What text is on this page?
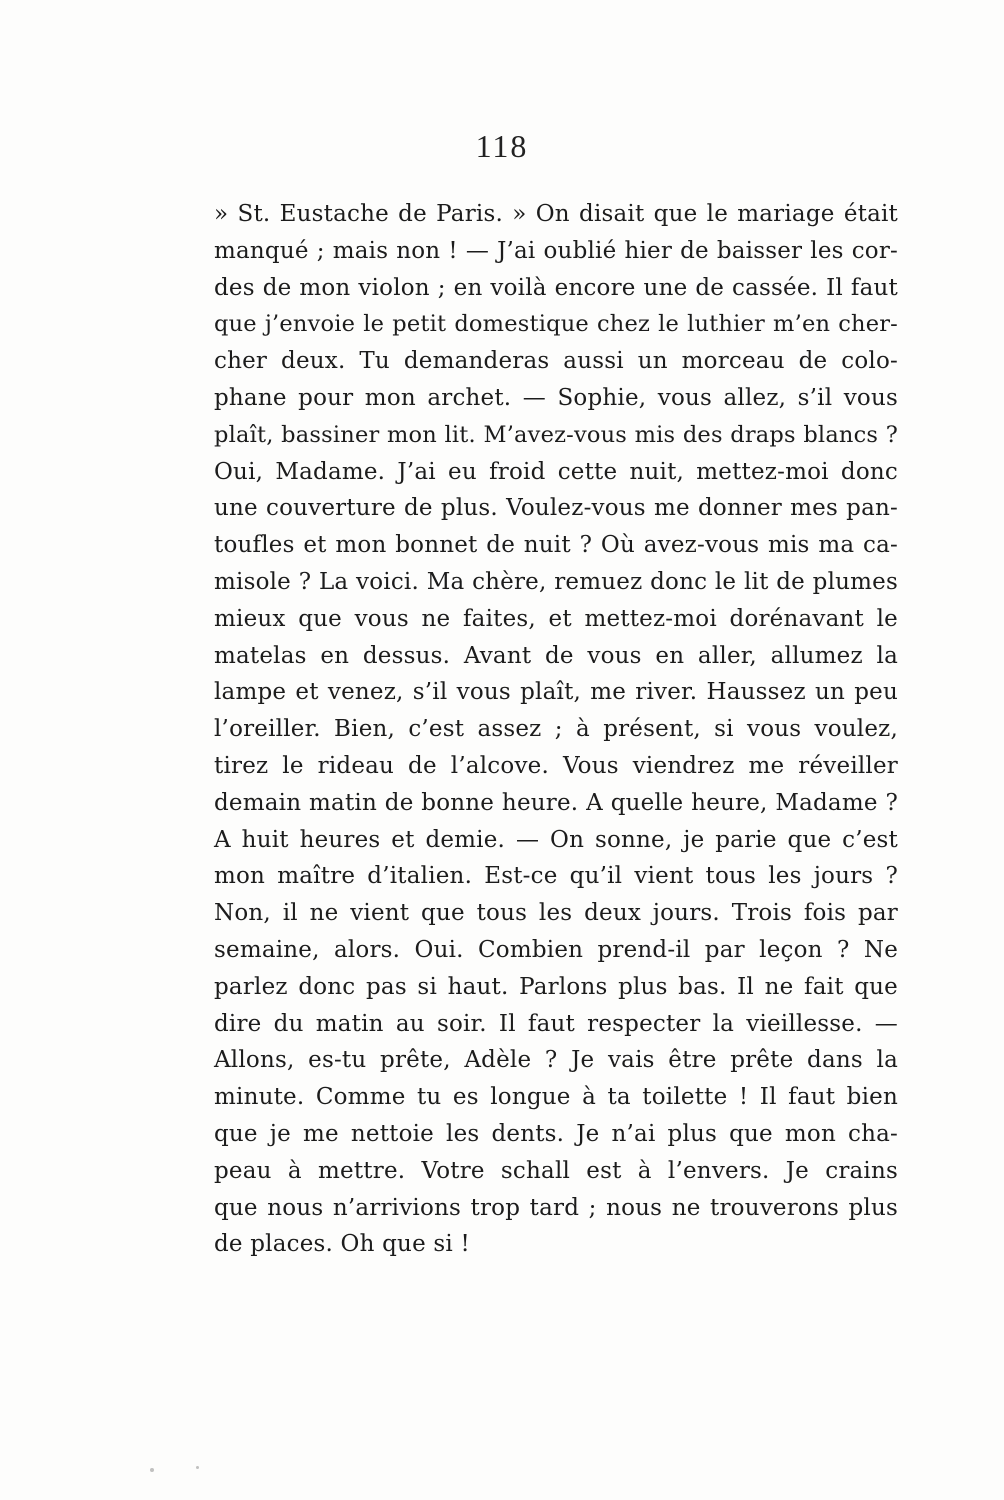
118
» St. Eustache de Paris. » On disait que le mariage était
manqué ; mais non ! — J’ai oublié hier de baisser les cor-
des de mon violon ; en voilà encore une de cassée. Il faut
que j’envoie le petit domestique chez le luthier m’en cher-
cher deux. Tu demanderas aussi un morceau de colo-
phane pour mon archet. — Sophie, vous allez, s’il vous
plaît, bassiner mon lit. M’avez-vous mis des draps blancs ?
Oui, Madame. J’ai eu froid cette nuit, mettez-moi donc
une couverture de plus. Voulez-vous me donner mes pan-
toufles et mon bonnet de nuit ? Où avez-vous mis ma ca-
misole ? La voici. Ma chère, remuez donc le lit de plumes
mieux que vous ne faites, et mettez-moi dorénavant le
matelas en dessus. Avant de vous en aller, allumez la
lampe et venez, s’il vous plaît, me river. Haussez un peu
l’oreiller. Bien, c’est assez ; à présent, si vous voulez,
tirez le rideau de l’alcove. Vous viendrez me réveiller
demain matin de bonne heure. A quelle heure, Madame ?
A huit heures et demie. — On sonne, je parie que c’est
mon maître d’italien. Est-ce qu’il vient tous les jours ?
Non, il ne vient que tous les deux jours. Trois fois par
semaine, alors. Oui. Combien prend-il par leçon ? Ne
parlez donc pas si haut. Parlons plus bas. Il ne fait que
dire du matin au soir. Il faut respecter la vieillesse. —
Allons, es-tu prête, Adèle ? Je vais être prête dans la
minute. Comme tu es longue à ta toilette ! Il faut bien
que je me nettoie les dents. Je n’ai plus que mon cha-
peau à mettre. Votre schall est à l’envers. Je crains
que nous n’arrivions trop tard ; nous ne trouverons plus
de places. Oh que si !
